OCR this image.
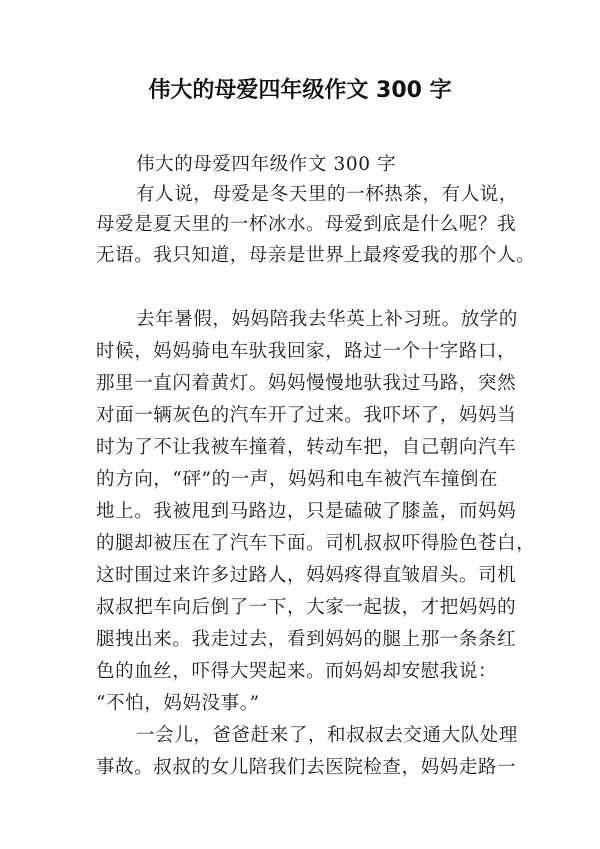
伟大的母爱四年级作文 300 字
伟大的母爱四年级作文 300 字
有人说，母爱是冬天里的一杯热茶，有人说，
母爱是夏天里的一杯冰水。母爱到底是什么呢？我
无语。我只知道，母亲是世界上最疼爱我的那个人。
去年暑假，妈妈陪我去华英上补习班。放学的
时候，妈妈骑电车驮我回家，路过一个十字路口，
那里一直闪着黄灯。妈妈慢慢地驮我过马路，突然
对面一辆灰色的汽车开了过来。我吓坏了，妈妈当
时为了不让我被车撞着，转动车把，自己朝向汽车
的方向，“砰”的一声，妈妈和电车被汽车撞倒在
地上。我被甩到马路边，只是磕破了膝盖，而妈妈
的腿却被压在了汽车下面。司机叔叔吓得脸色苍白，
这时围过来许多过路人，妈妈疼得直皱眉头。司机
叔叔把车向后倒了一下，大家一起拔，才把妈妈的
腿拽出来。我走过去，看到妈妈的腿上那一条条红
色的血丝，吓得大哭起来。而妈妈却安慰我说：
“不怕，妈妈没事。”
一会儿，爸爸赶来了，和叔叔去交通大队处理
事故。叔叔的女儿陪我们去医院检查，妈妈走路一
